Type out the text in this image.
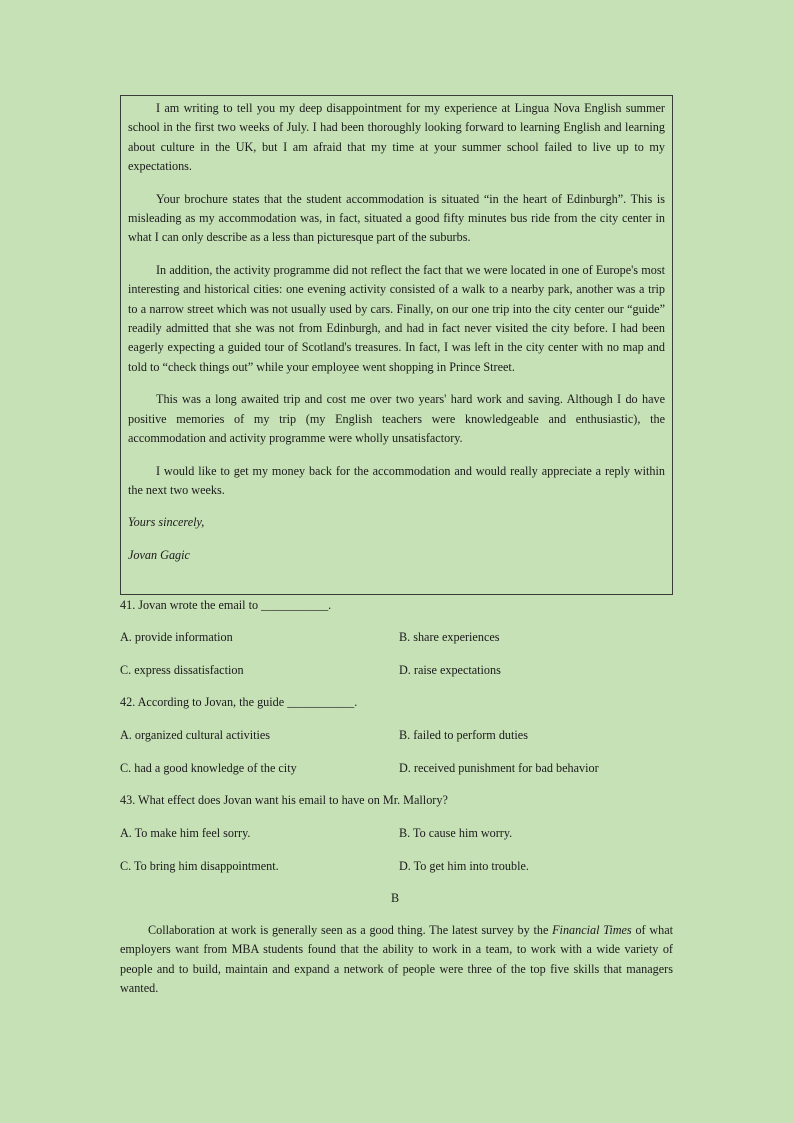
I am writing to tell you my deep disappointment for my experience at Lingua Nova English summer school in the first two weeks of July. I had been thoroughly looking forward to learning English and learning about culture in the UK, but I am afraid that my time at your summer school failed to live up to my expectations.

Your brochure states that the student accommodation is situated “in the heart of Edinburgh”. This is misleading as my accommodation was, in fact, situated a good fifty minutes bus ride from the city center in what I can only describe as a less than picturesque part of the suburbs.

In addition, the activity programme did not reflect the fact that we were located in one of Europe's most interesting and historical cities: one evening activity consisted of a walk to a nearby park, another was a trip to a narrow street which was not usually used by cars. Finally, on our one trip into the city center our “guide” readily admitted that she was not from Edinburgh, and had in fact never visited the city before. I had been eagerly expecting a guided tour of Scotland's treasures. In fact, I was left in the city center with no map and told to “check things out” while your employee went shopping in Prince Street.

This was a long awaited trip and cost me over two years' hard work and saving. Although I do have positive memories of my trip (my English teachers were knowledgeable and enthusiastic), the accommodation and activity programme were wholly unsatisfactory.

I would like to get my money back for the accommodation and would really appreciate a reply within the next two weeks.

Yours sincerely,

Jovan Gagic

41. Jovan wrote the email to ___________.
A. provide information	B. share experiences
C. express dissatisfaction	D. raise expectations
42. According to Jovan, the guide ___________.
A. organized cultural activities	B. failed to perform duties
C. had a good knowledge of the city	D. received punishment for bad behavior
43. What effect does Jovan want his email to have on Mr. Mallory?
A. To make him feel sorry.	B. To cause him worry.
C. To bring him disappointment.	D. To get him into trouble.
B

Collaboration at work is generally seen as a good thing. The latest survey by the Financial Times of what employers want from MBA students found that the ability to work in a team, to work with a wide variety of people and to build, maintain and expand a network of people were three of the top five skills that managers wanted.
